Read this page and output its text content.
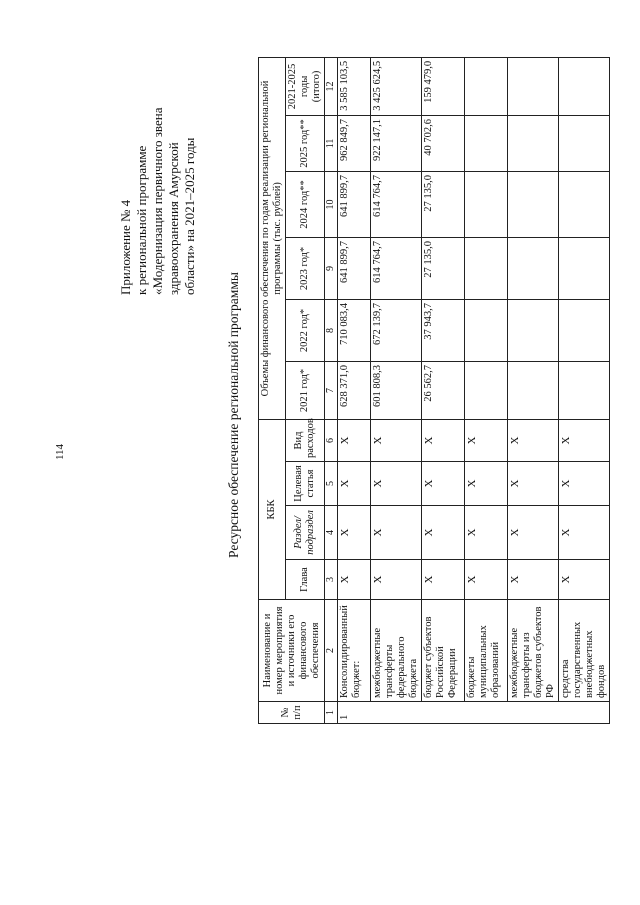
114
Приложение № 4 к региональной программе «Модернизация первичного звена здравоохранения Амурской области» на 2021–2025 годы
Ресурсное обеспечение региональной программы
№ п/п	Наименование и номер мероприятия и источники его финансового обеспечения	КБК				Объемы финансового обеспечения по годам реализации региональной программы (тыс. рублей)					
		Глава	Раздел/ подраздел	Целевая статья	Вид расходов	2021 год*	2022 год*	2023 год*	2024 год**	2025 год**	2021-2025 годы (итого)
1	2	3	4	5	6	7	8	9	10	11	12
1	Консолидированный бюджет:	X	X	X	X	628 371,0	710 083,4	641 899,7	641 899,7	962 849,7	3 585 103,5
	межбюджетные трансферты федерального бюджета	X	X	X	X	601 808,3	672 139,7	614 764,7	614 764,7	922 147,1	3 425 624,5
	бюджет субъектов Российской Федерации	X	X	X	X	26 562,7	37 943,7	27 135,0	27 135,0	40 702,6	159 479,0
	бюджеты муниципальных образований	X	X	X	X						
	межбюджетные трансферты из бюджетов субъектов РФ	X	X	X	X						
	средства государственных внебюджетных фондов	X	X	X	X						
